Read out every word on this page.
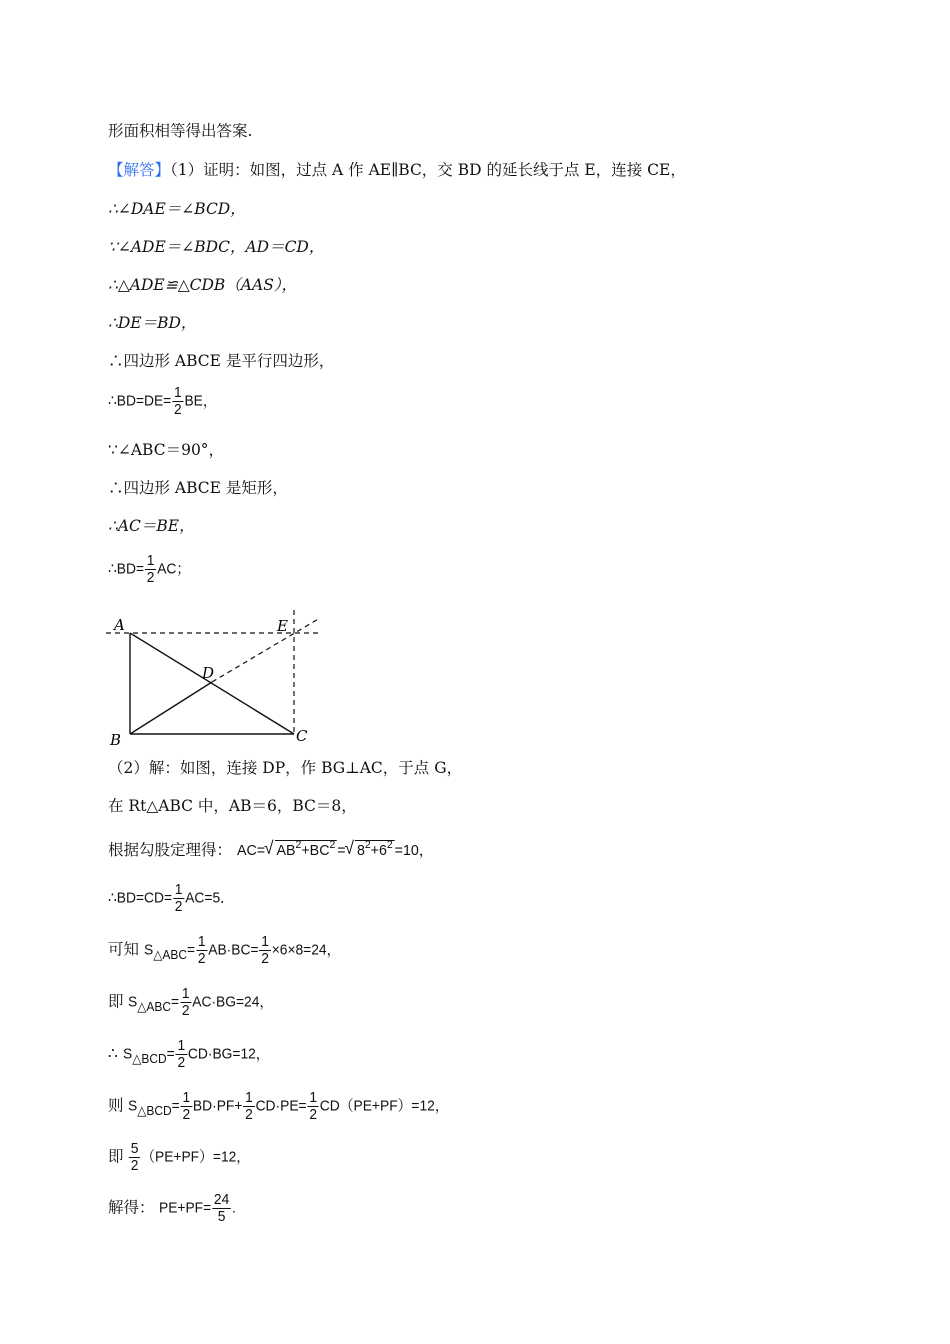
形面积相等得出答案.
【解答】（1）证明：如图，过点 A 作 AE∥BC，交 BD 的延长线于点 E，连接 CE，
∴∠DAE＝∠BCD，
∵∠ADE＝∠BDC，AD＝CD，
∴△ADE≌△CDB（AAS），
∴DE＝BD，
∴四边形 ABCE 是平行四边形，
∴BD=DE= $\frac{1}{2}$ BE，
∵∠ABC＝90°，
∴四边形 ABCE 是矩形，
∴AC＝BE，
∴BD= $\frac{1}{2}$ AC；
A
B	C
D
E
（2）解：如图，连接 DP，作 BG⊥AC，于点 G，
在 Rt△ABC 中，AB＝6，BC＝8，
根据勾股定理得： AC= √ $AB^2+BC^2$ = √ $8^2+6^2 =10$，
∴BD=CD= $\frac{1}{2} AC=5$．
可知 S△ABC= $\frac{1}{2} AB\cdot BC= \frac{1}{2} \times 6\times 8=24$，
即 S△ABC= $\frac{1}{2} AC\cdot BG=24$，
∴ S△BCD= $\frac{1}{2} CD\cdot BG=12$，
则 S△BCD= $\frac{1}{2} BD\cdot PF+ \frac{1}{2} CD\cdot PE= \frac{1}{2} CD(PE+PF)=12$，
即 $\frac{5}{2} (PE+PF)=12$，
解得： $PE+PF= \frac{24}{5}$ .
